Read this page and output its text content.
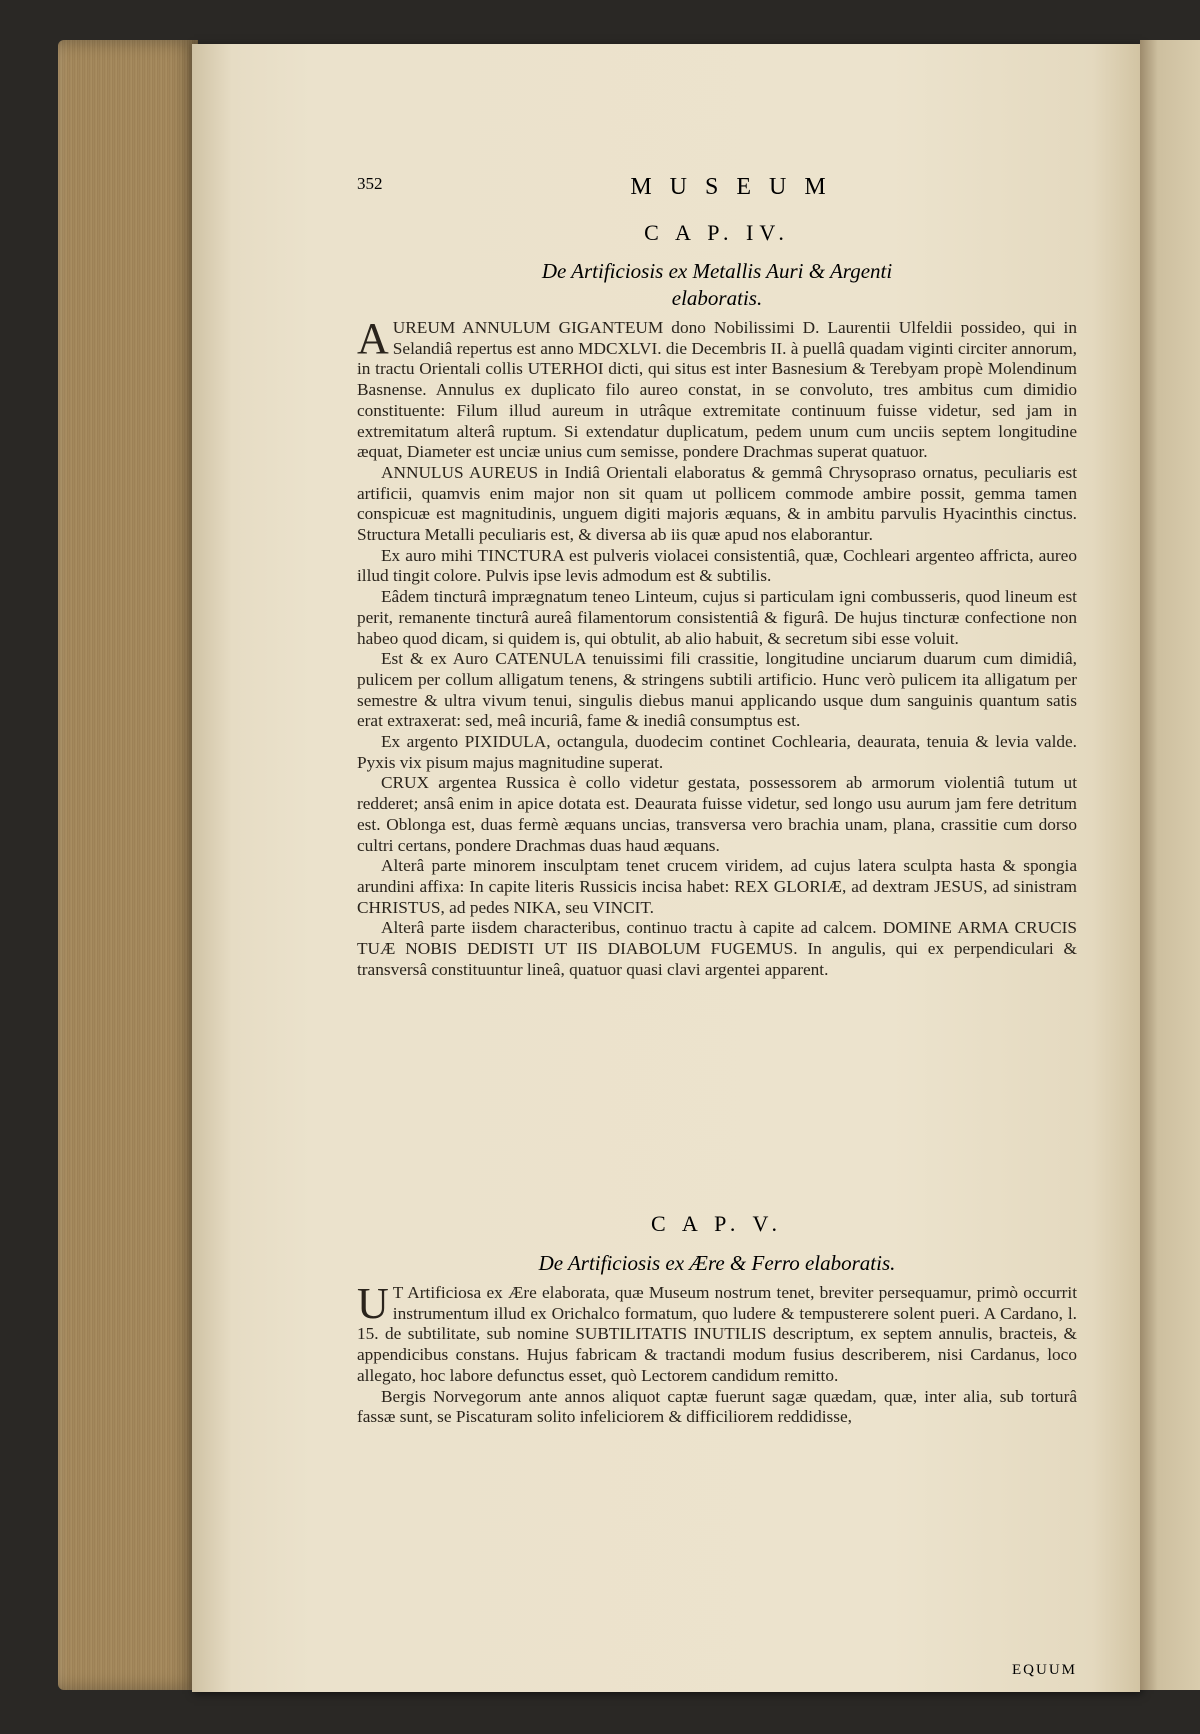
352	MUSEUM
C A P. IV.
De Artificiosis ex Metallis Auri & Argenti
elaboratis.

AUREUM ANNULUM GIGANTEUM dono Nobilissimi D. Laurentii Ulfeldii possideo, qui in Selandiâ repertus est anno MDCXLVI. die Decembris II. à puellâ quadam viginti circiter annorum, in tractu Orientali collis UTERHOI dicti, qui situs est inter Basnesium & Terebyam propè Molendinum Basnense. Annulus ex duplicato filo aureo constat, in se convoluto, tres ambitus cum dimidio constituente: Filum illud aureum in utrâque extremitate continuum fuisse videtur, sed jam in extremitatum alterâ ruptum. Si extendatur duplicatum, pedem unum cum unciis septem longitudine æquat, Diameter est unciæ unius cum semisse, pondere Drachmas superat quatuor.

ANNULUS AUREUS in Indiâ Orientali elaboratus & gemmâ Chrysopraso ornatus, peculiaris est artificii, quamvis enim major non sit quam ut pollicem commode ambire possit, gemma tamen conspicuæ est magnitudinis, unguem digiti majoris æquans, & in ambitu parvulis Hyacinthis cinctus. Structura Metalli peculiaris est, & diversa ab iis quæ apud nos elaborantur.

Ex auro mihi TINCTURA est pulveris violacei consistentiâ, quæ, Cochleari argenteo affricta, aureo illud tingit colore. Pulvis ipse levis admodum est & subtilis.

Eâdem tincturâ imprægnatum teneo Linteum, cujus si particulam igni combusseris, quod lineum est perit, remanente tincturâ aureâ filamentorum consistentiâ & figurâ. De hujus tincturæ confectione non habeo quod dicam, si quidem is, qui obtulit, ab alio habuit, & secretum sibi esse voluit.

Est & ex Auro CATENULA tenuissimi fili crassitie, longitudine unciarum duarum cum dimidiâ, pulicem per collum alligatum tenens, & stringens subtili artificio. Hunc verò pulicem ita alligatum per semestre & ultra vivum tenui, singulis diebus manui applicando usque dum sanguinis quantum satis erat extraxerat: sed, meâ incuriâ, fame & inediâ consumptus est.

Ex argento PIXIDULA, octangula, duodecim continet Cochlearia, deaurata, tenuia & levia valde. Pyxis vix pisum majus magnitudine superat.

CRUX argentea Russica è collo videtur gestata, possessorem ab armorum violentiâ tutum ut redderet; ansâ enim in apice dotata est. Deaurata fuisse videtur, sed longo usu aurum jam fere detritum est. Oblonga est, duas fermè æquans uncias, transversa vero brachia unam, plana, crassitie cum dorso cultri certans, pondere Drachmas duas haud æquans.

Alterâ parte minorem insculptam tenet crucem viridem, ad cujus latera sculpta hasta & spongia arundini affixa: In capite literis Russicis incisa habet: REX GLORIÆ, ad dextram JESUS, ad sinistram CHRISTUS, ad pedes NIKA, seu VINCIT.

Alterâ parte iisdem characteribus, continuo tractu à capite ad calcem. DOMINE ARMA CRUCIS TUÆ NOBIS DEDISTI UT IIS DIABOLUM FUGEMUS. In angulis, qui ex perpendiculari & transversâ constituuntur lineâ, quatuor quasi clavi argentei apparent.

C A P. V.
De Artificiosis ex Ære & Ferro elaboratis.

U T Artificiosa ex Ære elaborata, quæ Museum nostrum tenet, breviter persequamur, primò occurrit instrumentum illud ex Orichalco formatum, quo ludere & tempusterere solent pueri. A Cardano, l. 15. de subtilitate, sub nomine SUBTILITATIS INUTILIS descriptum, ex septem annulis, bracteis, & appendicibus constans. Hujus fabricam & tractandi modum fusius describerem, nisi Cardanus, loco allegato, hoc labore defunctus esset, quò Lectorem candidum remitto.

Bergis Norvegorum ante annos aliquot captæ fuerunt sagæ quædam, quæ, inter alia, sub torturâ fassæ sunt, se Piscaturam solito infeliciorem & difficiliorem reddidisse,

EQUUM
